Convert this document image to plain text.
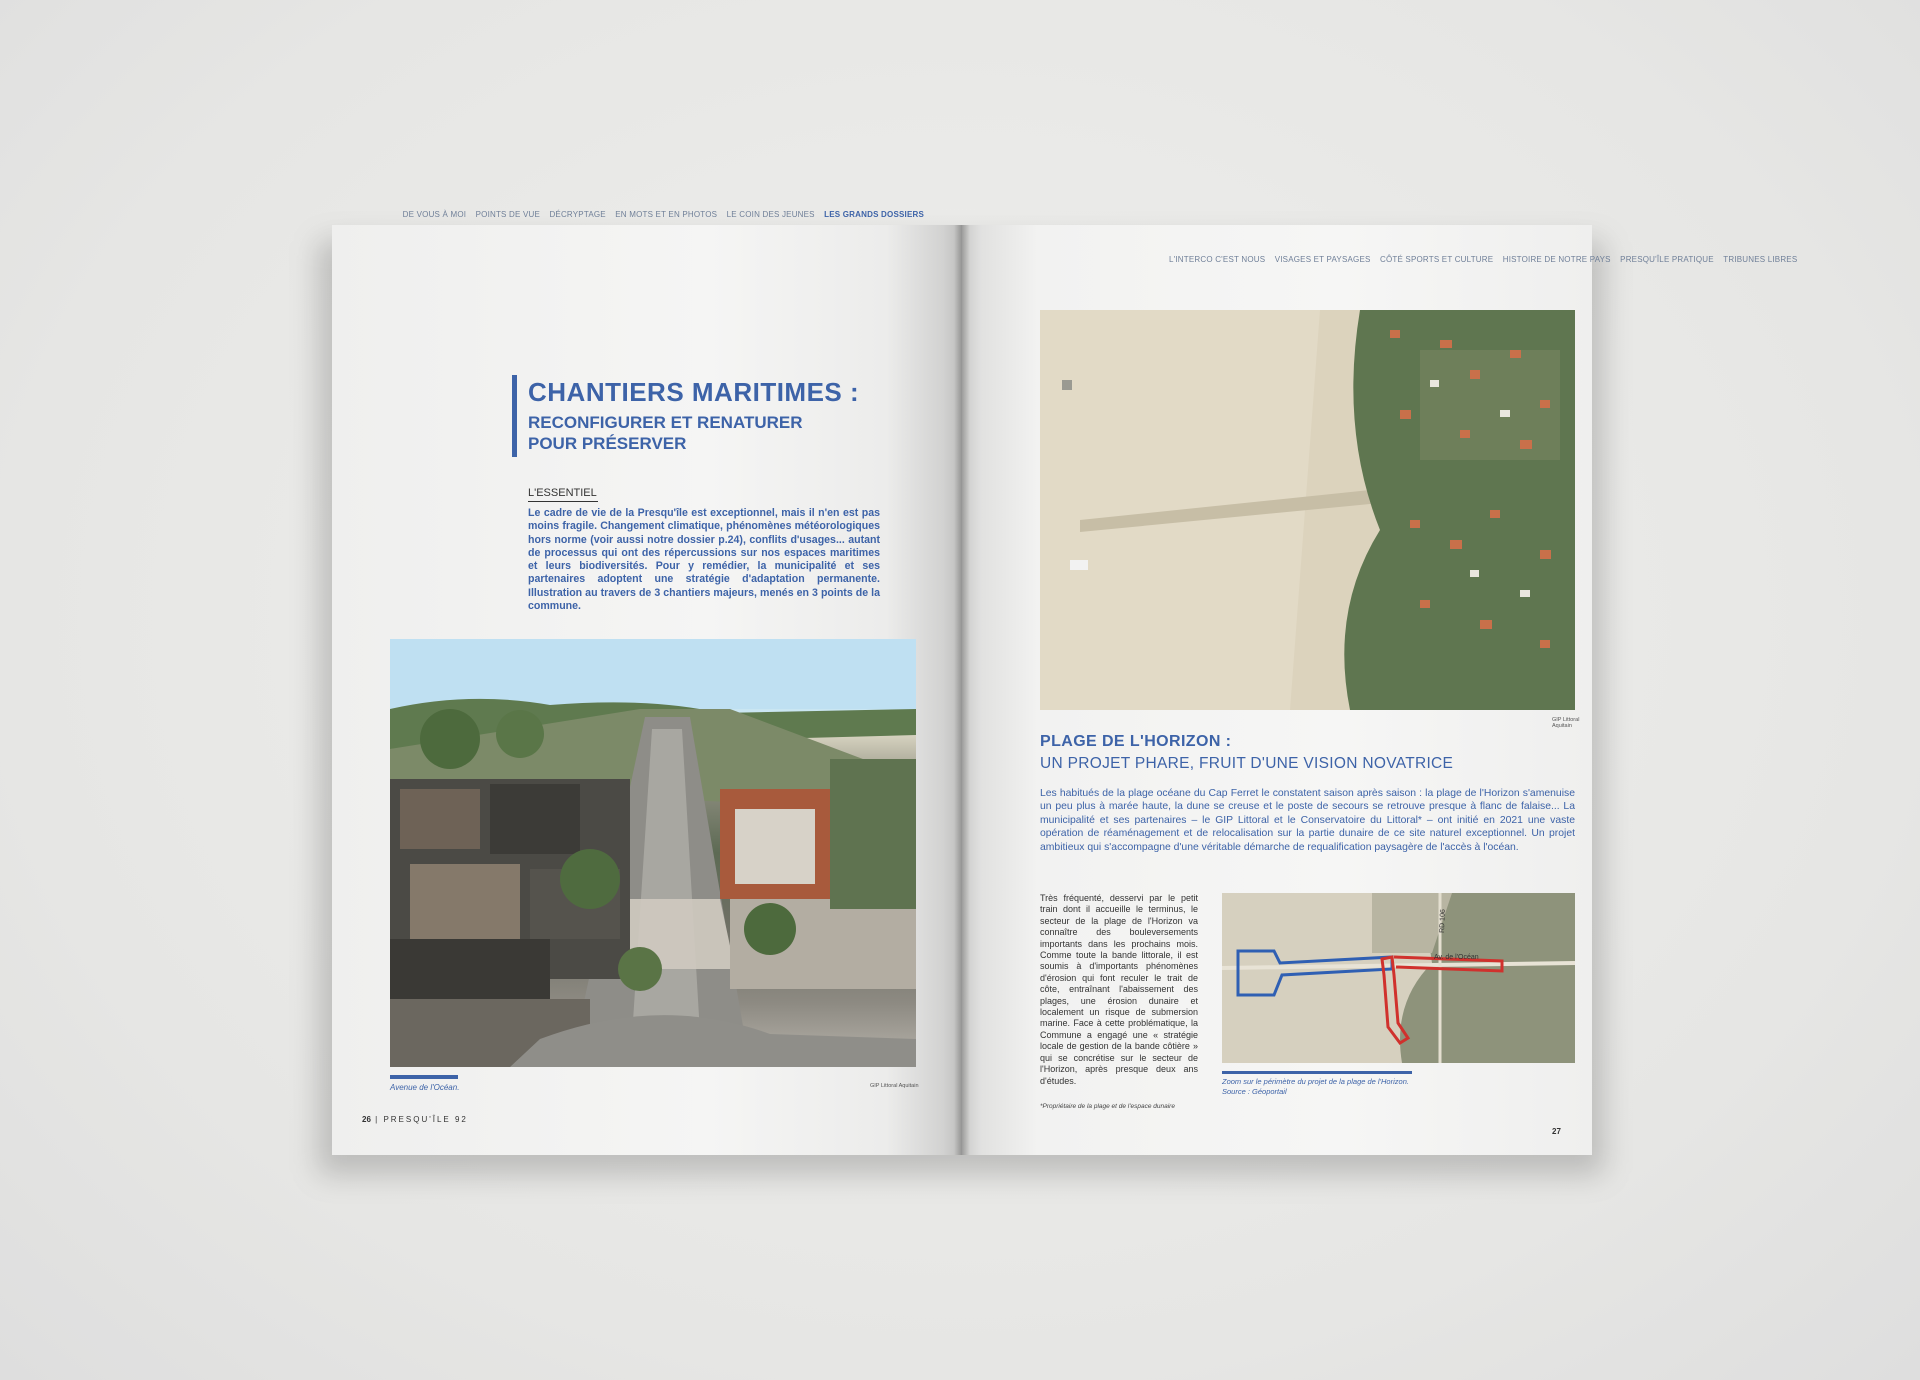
DE VOUS À MOI POINTS DE VUE DÉCRYPTAGE EN MOTS ET EN PHOTOS LE COIN DES JEUNES LES GRANDS DOSSIERS
CHANTIERS MARITIMES :
RECONFIGURER ET RENATURER POUR PRÉSERVER
L'ESSENTIEL
Le cadre de vie de la Presqu'île est exceptionnel, mais il n'en est pas moins fragile. Changement climatique, phénomènes météorologiques hors norme (voir aussi notre dossier p.24), conflits d'usages... autant de processus qui ont des répercussions sur nos espaces maritimes et leurs biodiversités. Pour y remédier, la municipalité et ses partenaires adoptent une stratégie d'adaptation permanente. Illustration au travers de 3 chantiers majeurs, menés en 3 points de la commune.
Avenue de l'Océan.	GIP Littoral Aquitain
26 | PRESQU'ÎLE 92
L'INTERCO C'EST NOUS VISAGES ET PAYSAGES CÔTÉ SPORTS ET CULTURE HISTOIRE DE NOTRE PAYS PRESQU'ÎLE PRATIQUE TRIBUNES LIBRES
GIP Littoral Aquitain
PLAGE DE L'HORIZON :
UN PROJET PHARE, FRUIT D'UNE VISION NOVATRICE
Les habitués de la plage océane du Cap Ferret le constatent saison après saison : la plage de l'Horizon s'amenuise un peu plus à marée haute, la dune se creuse et le poste de secours se retrouve presque à flanc de falaise... La municipalité et ses partenaires – le GIP Littoral et le Conservatoire du Littoral* – ont initié en 2021 une vaste opération de réaménagement et de relocalisation sur la partie dunaire de ce site naturel exceptionnel. Un projet ambitieux qui s'accompagne d'une véritable démarche de requalification paysagère de l'accès à l'océan.
Très fréquenté, desservi par le petit train dont il accueille le terminus, le secteur de la plage de l'Horizon va connaître des bouleversements importants dans les prochains mois. Comme toute la bande littorale, il est soumis à d'importants phénomènes d'érosion qui font reculer le trait de côte, entraînant l'abaissement des plages, une érosion dunaire et localement un risque de submersion marine. Face à cette problématique, la Commune a engagé une « stratégie locale de gestion de la bande côtière » qui se concrétise sur le secteur de l'Horizon, après presque deux ans d'études.
RD 106
Av. de l'Océan
Zoom sur le périmètre du projet de la plage de l'Horizon.
Source : Géoportail
*Propriétaire de la plage et de l'espace dunaire
27
